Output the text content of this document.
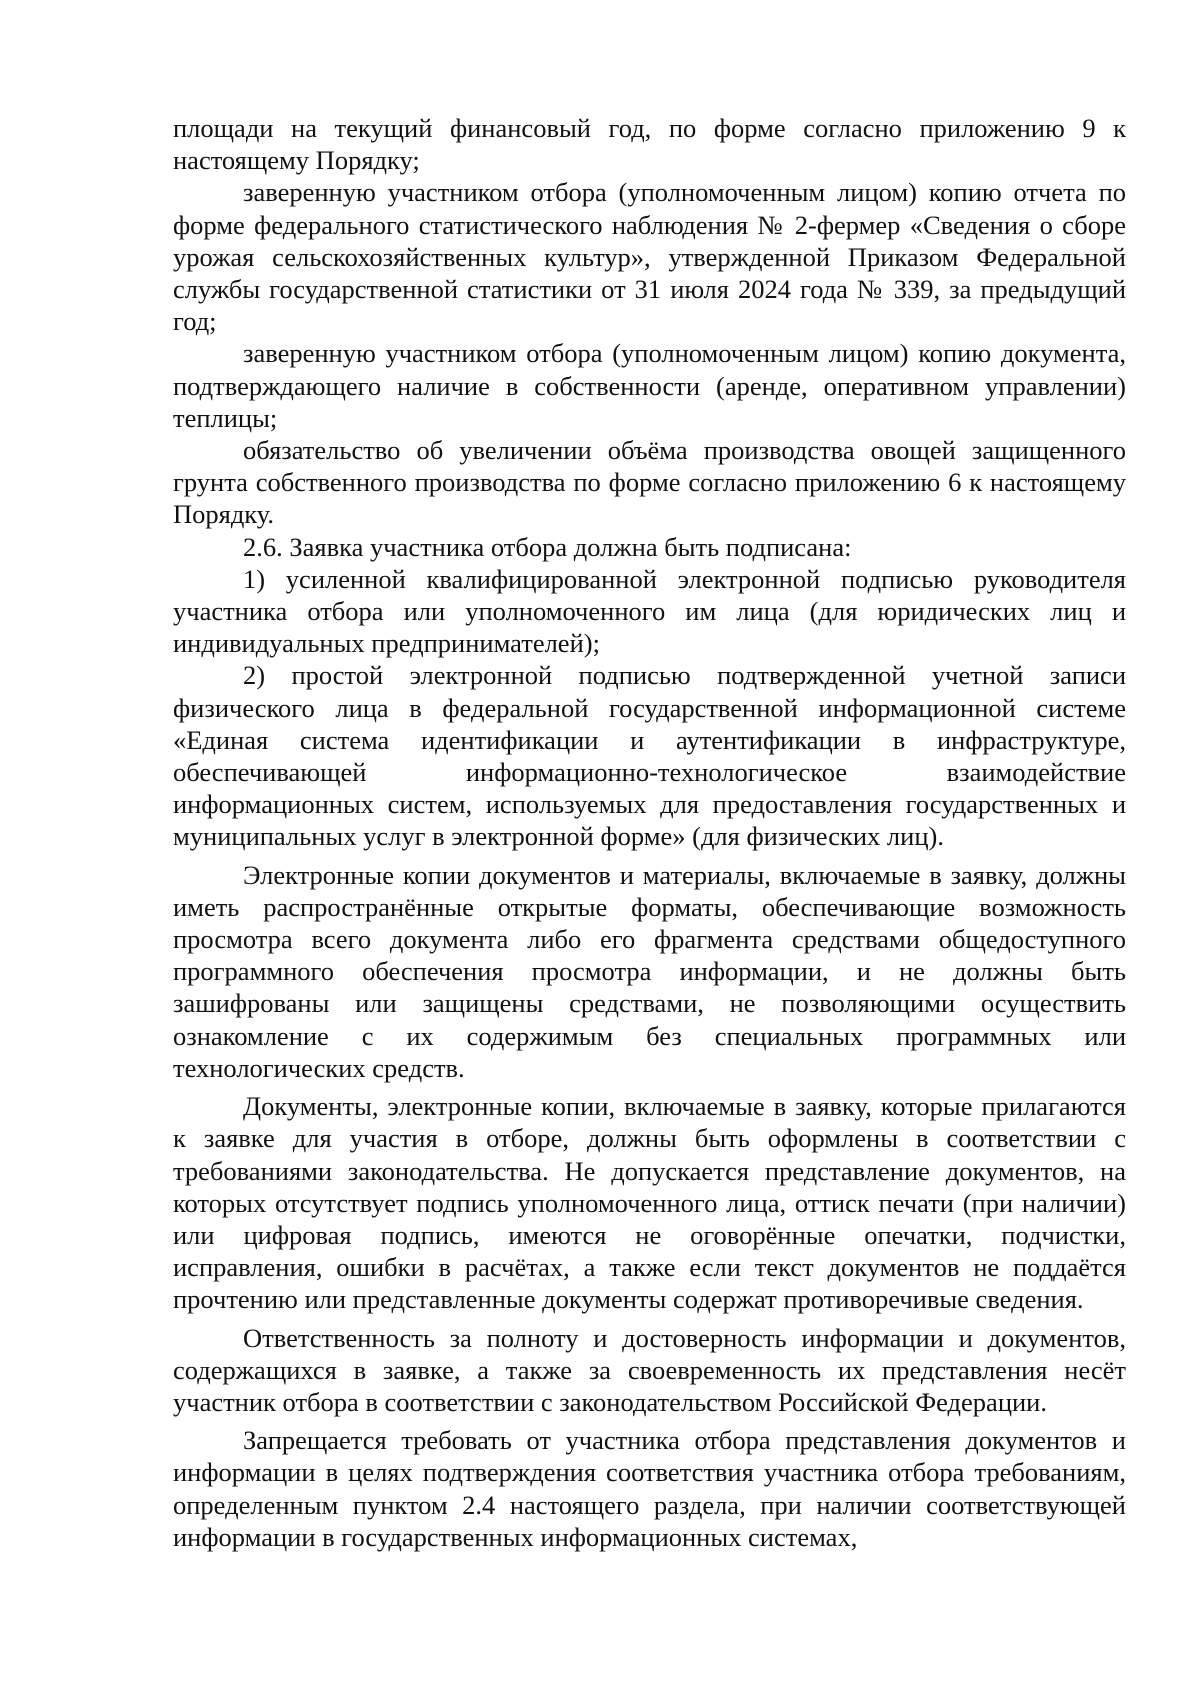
площади на текущий финансовый год, по форме согласно приложению 9 к настоящему Порядку;

заверенную участником отбора (уполномоченным лицом) копию отчета по форме федерального статистического наблюдения № 2-фермер «Сведения о сборе урожая сельскохозяйственных культур», утвержденной Приказом Федеральной службы государственной статистики от 31 июля 2024 года № 339, за предыдущий год;

заверенную участником отбора (уполномоченным лицом) копию документа, подтверждающего наличие в собственности (аренде, оперативном управлении) теплицы;

обязательство об увеличении объёма производства овощей защищенного грунта собственного производства по форме согласно приложению 6 к настоящему Порядку.

2.6. Заявка участника отбора должна быть подписана:

1) усиленной квалифицированной электронной подписью руководителя участника отбора или уполномоченного им лица (для юридических лиц и индивидуальных предпринимателей);

2) простой электронной подписью подтвержденной учетной записи физического лица в федеральной государственной информационной системе «Единая система идентификации и аутентификации в инфраструктуре, обеспечивающей информационно-технологическое взаимодействие информационных систем, используемых для предоставления государственных и муниципальных услуг в электронной форме» (для физических лиц).

Электронные копии документов и материалы, включаемые в заявку, должны иметь распространённые открытые форматы, обеспечивающие возможность просмотра всего документа либо его фрагмента средствами общедоступного программного обеспечения просмотра информации, и не должны быть зашифрованы или защищены средствами, не позволяющими осуществить ознакомление с их содержимым без специальных программных или технологических средств.

Документы, электронные копии, включаемые в заявку, которые прилагаются к заявке для участия в отборе, должны быть оформлены в соответствии с требованиями законодательства. Не допускается представление документов, на которых отсутствует подпись уполномоченного лица, оттиск печати (при наличии) или цифровая подпись, имеются не оговорённые опечатки, подчистки, исправления, ошибки в расчётах, а также если текст документов не поддаётся прочтению или представленные документы содержат противоречивые сведения.

Ответственность за полноту и достоверность информации и документов, содержащихся в заявке, а также за своевременность их представления несёт участник отбора в соответствии с законодательством Российской Федерации.

Запрещается требовать от участника отбора представления документов и информации в целях подтверждения соответствия участника отбора требованиям, определенным пунктом 2.4 настоящего раздела, при наличии соответствующей информации в государственных информационных системах,
